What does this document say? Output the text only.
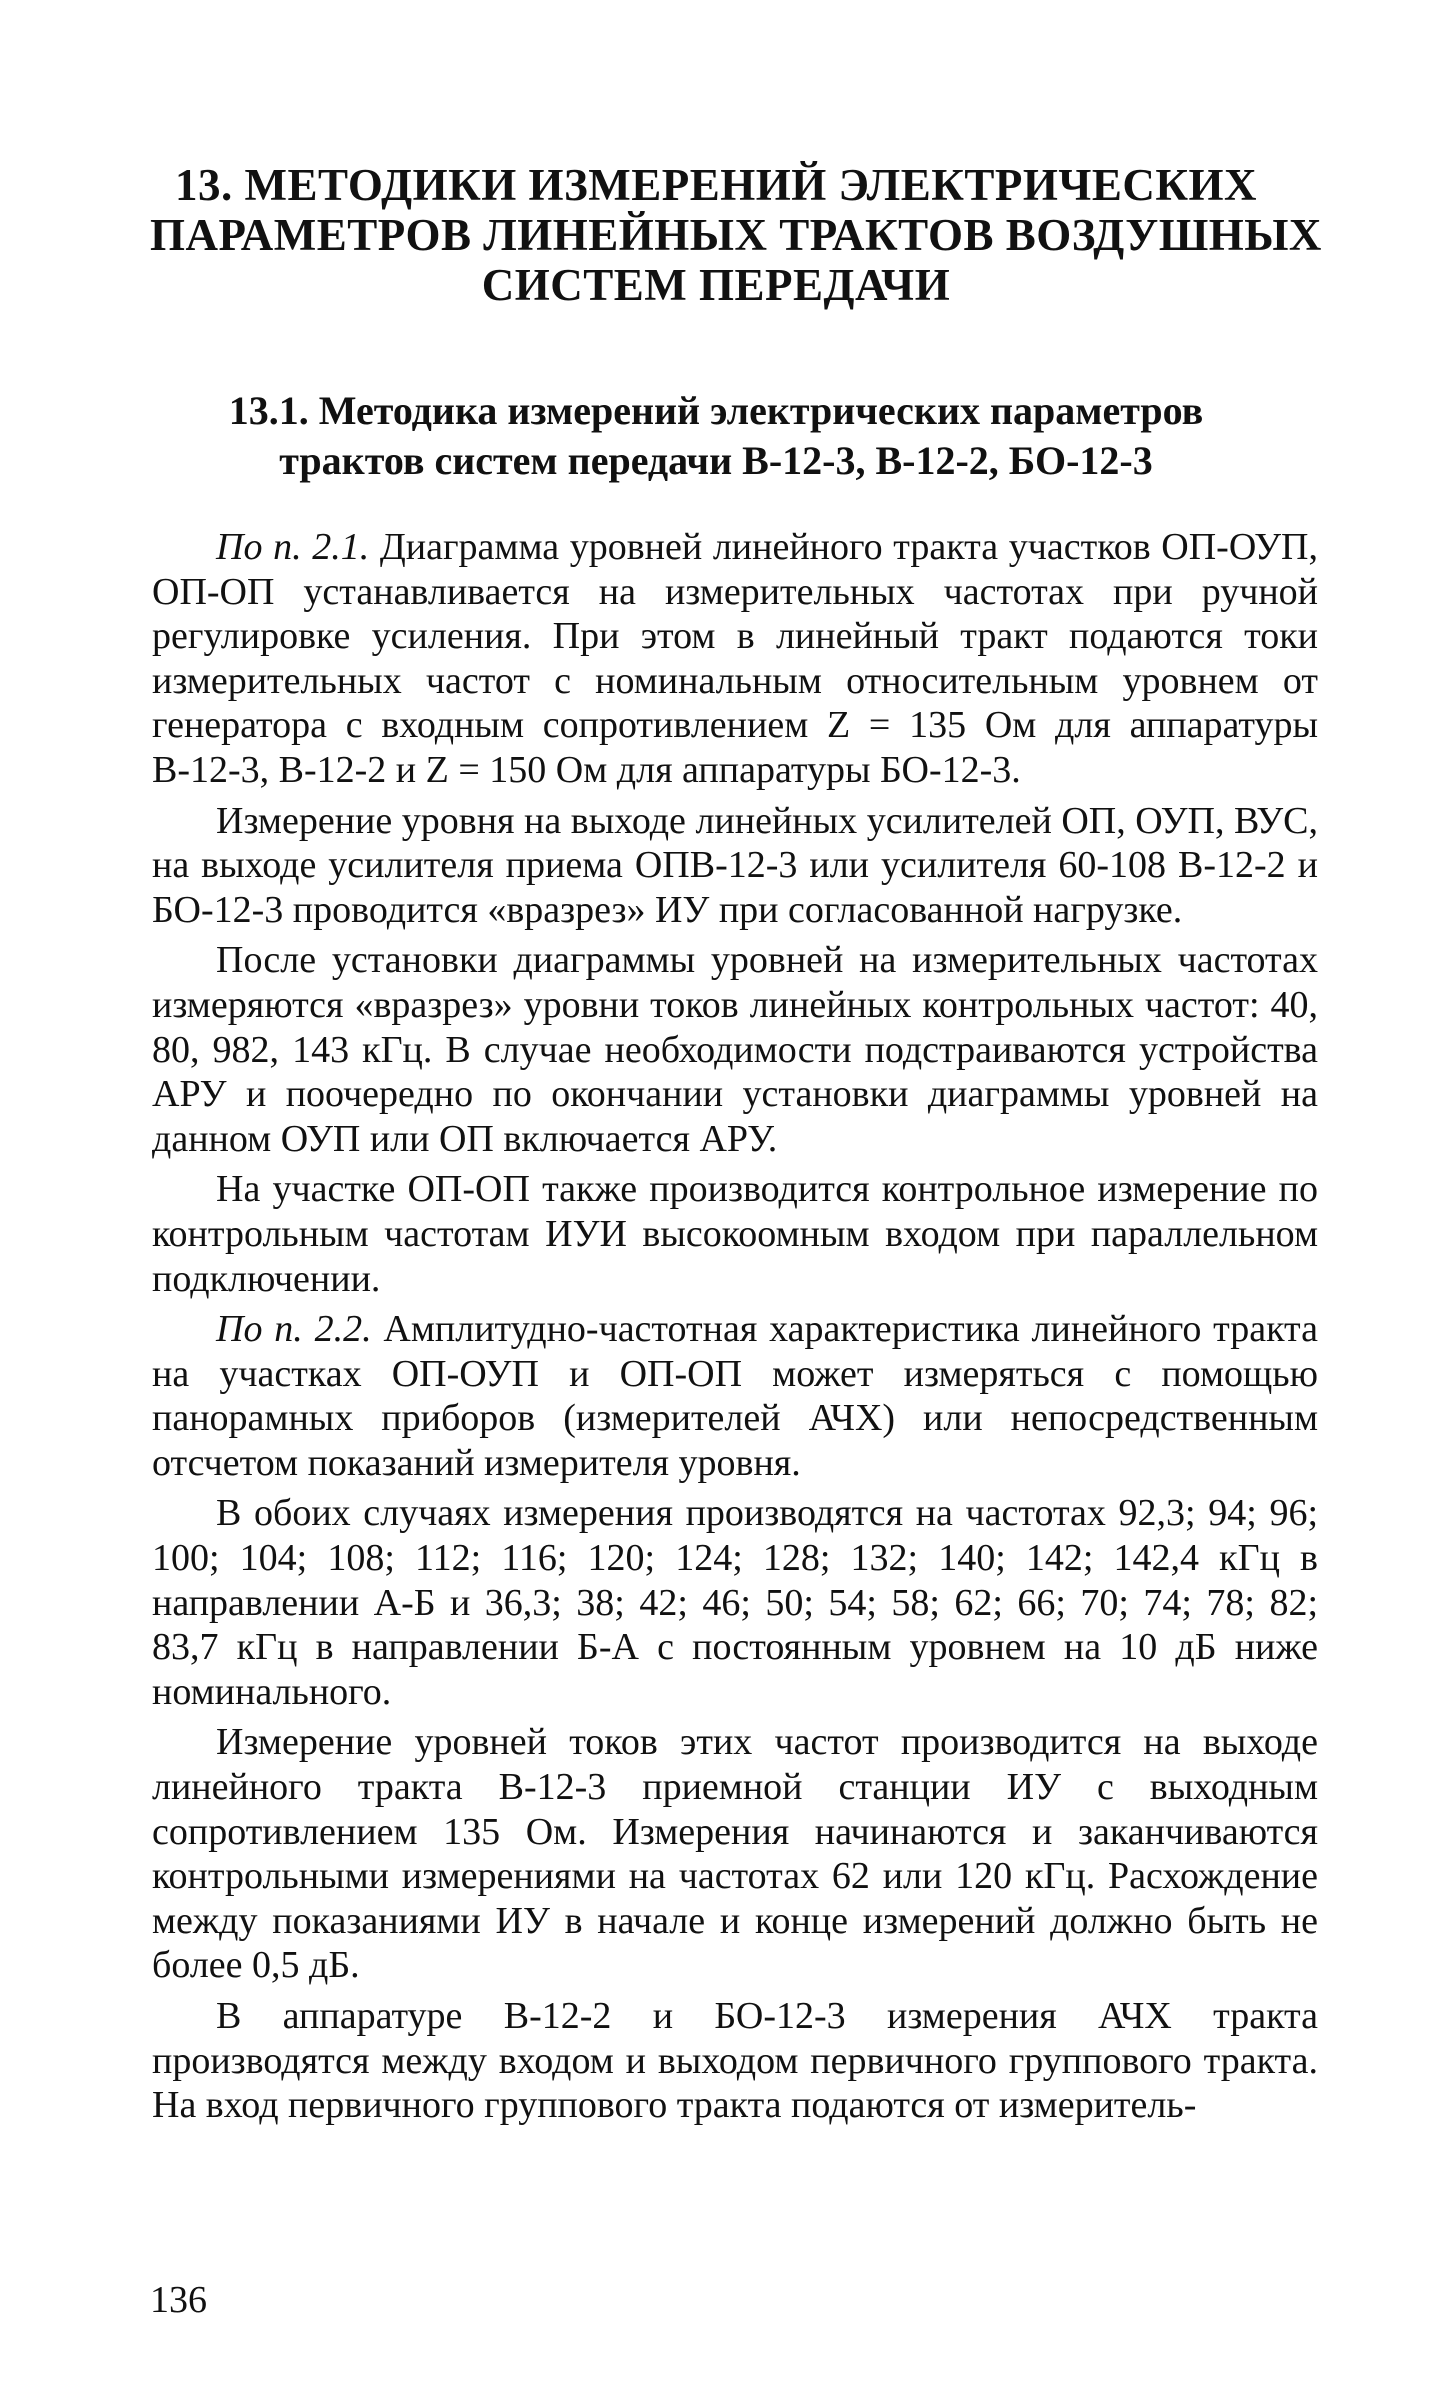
13. МЕТОДИКИ ИЗМЕРЕНИЙ ЭЛЕКТРИЧЕСКИХ
ПАРАМЕТРОВ ЛИНЕЙНЫХ ТРАКТОВ ВОЗДУШНЫХ
СИСТЕМ ПЕРЕДАЧИ
13.1. Методика измерений электрических параметров
трактов систем передачи В-12-3, В-12-2, БО-12-3

По п. 2.1. Диаграмма уровней линейного тракта участков ОП-ОУП, ОП-ОП устанавливается на измерительных частотах при ручной регулировке усиления. При этом в линейный тракт подаются токи измерительных частот с номинальным относительным уровнем от генератора с входным сопротивлением Z = 135 Ом для аппаратуры В-12-3, В-12-2 и Z = 150 Ом для аппаратуры БО-12-3.

Измерение уровня на выходе линейных усилителей ОП, ОУП, ВУС, на выходе усилителя приема ОПВ-12-3 или усилителя 60-108 В-12-2 и БО-12-3 проводится «вразрез» ИУ при согласованной нагрузке.

После установки диаграммы уровней на измерительных частотах измеряются «вразрез» уровни токов линейных контрольных частот: 40, 80, 982, 143 кГц. В случае необходимости подстраиваются устройства АРУ и поочередно по окончании установки диаграммы уровней на данном ОУП или ОП включается АРУ.

На участке ОП-ОП также производится контрольное измерение по контрольным частотам ИУИ высокоомным входом при параллельном подключении.

По п. 2.2. Амплитудно-частотная характеристика линейного тракта на участках ОП-ОУП и ОП-ОП может измеряться с помощью панорамных приборов (измерителей АЧХ) или непосредственным отсчетом показаний измерителя уровня.

В обоих случаях измерения производятся на частотах 92,3; 94; 96; 100; 104; 108; 112; 116; 120; 124; 128; 132; 140; 142; 142,4 кГц в направлении А-Б и 36,3; 38; 42; 46; 50; 54; 58; 62; 66; 70; 74; 78; 82; 83,7 кГц в направлении Б-А с постоянным уровнем на 10 дБ ниже номинального.

Измерение уровней токов этих частот производится на выходе линейного тракта В-12-3 приемной станции ИУ с выходным сопротивлением 135 Ом. Измерения начинаются и заканчиваются контрольными измерениями на частотах 62 или 120 кГц. Расхождение между показаниями ИУ в начале и конце измерений должно быть не более 0,5 дБ.

В аппаратуре В-12-2 и БО-12-3 измерения АЧХ тракта производятся между входом и выходом первичного группового тракта. На вход первичного группового тракта подаются от измеритель-

136
